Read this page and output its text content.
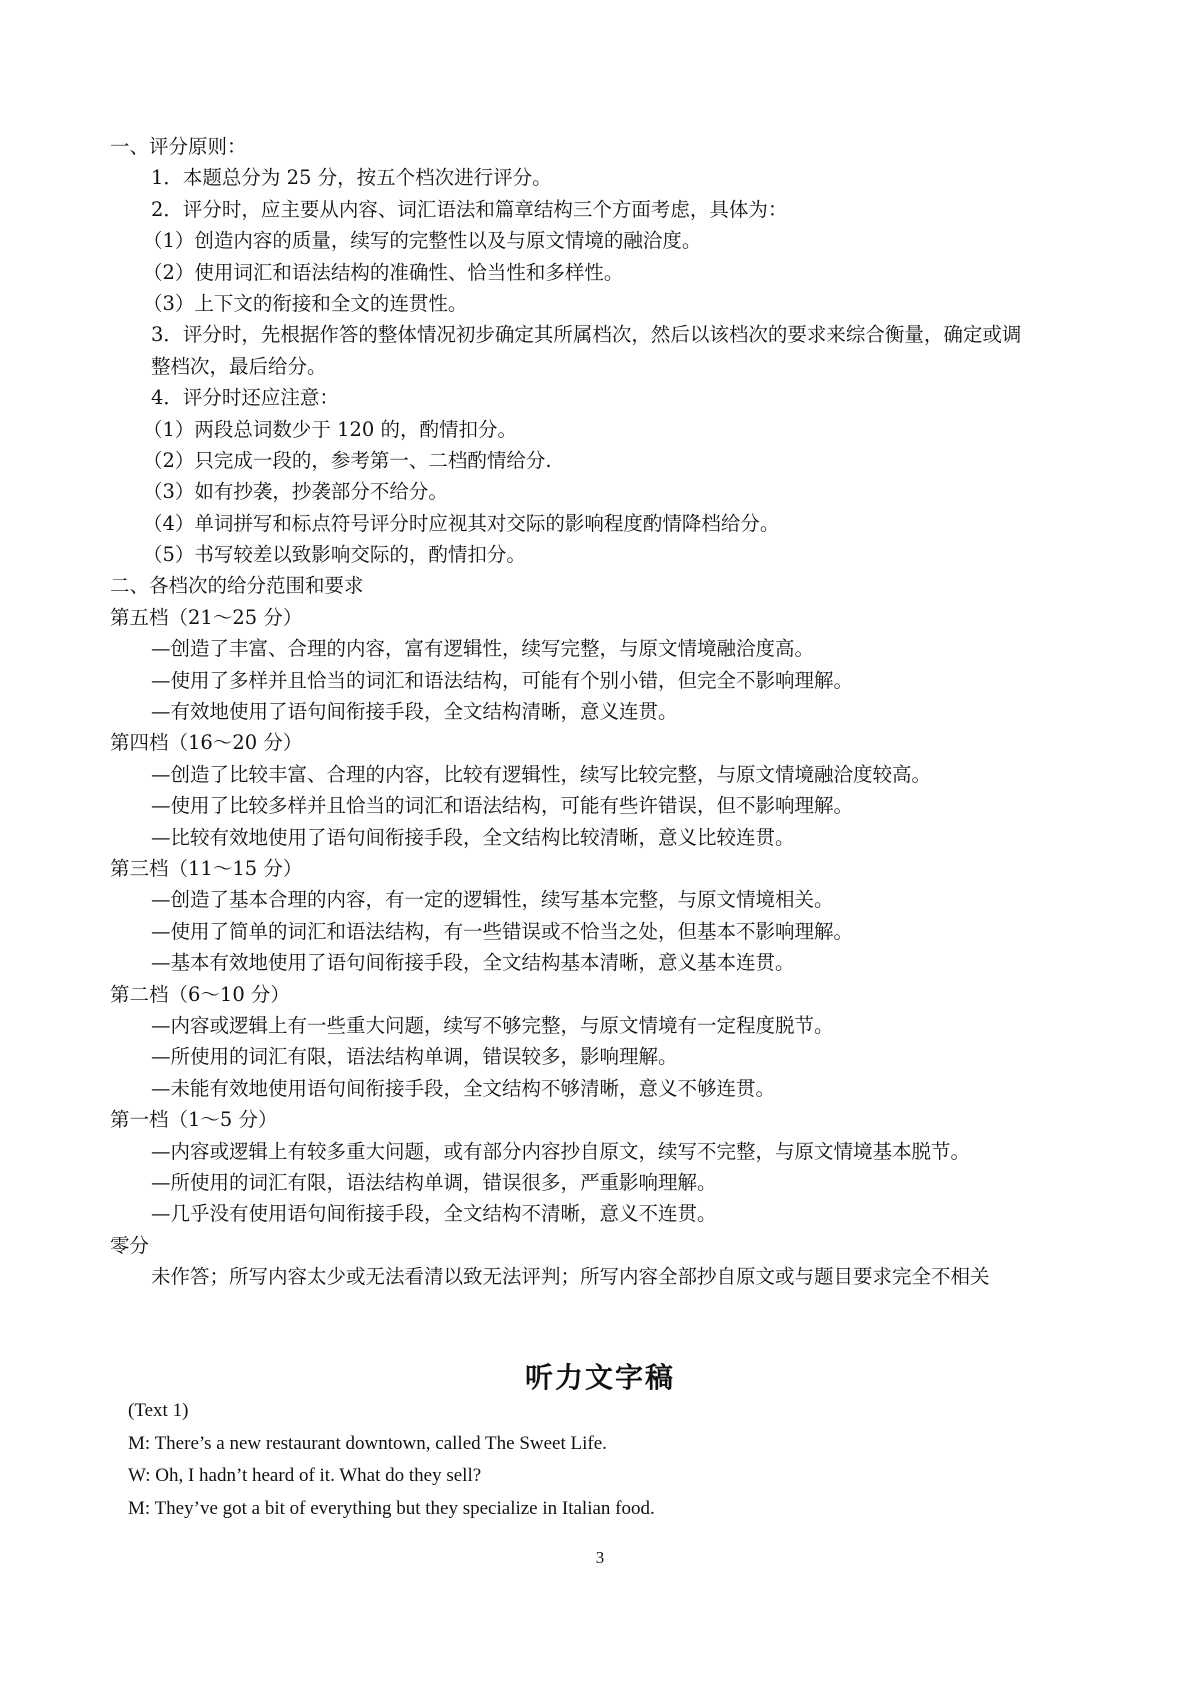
一、评分原则：

1．本题总分为 25 分，按五个档次进行评分。

2．评分时，应主要从内容、词汇语法和篇章结构三个方面考虑，具体为：

（1）创造内容的质量，续写的完整性以及与原文情境的融洽度。

（2）使用词汇和语法结构的准确性、恰当性和多样性。

（3）上下文的衔接和全文的连贯性。

3．评分时，先根据作答的整体情况初步确定其所属档次，然后以该档次的要求来综合衡量，确定或调

整档次，最后给分。

4．评分时还应注意：

（1）两段总词数少于 120 的，酌情扣分。

（2）只完成一段的，参考第一、二档酌情给分.

（3）如有抄袭，抄袭部分不给分。

（4）单词拼写和标点符号评分时应视其对交际的影响程度酌情降档给分。

（5）书写较差以致影响交际的，酌情扣分。

二、各档次的给分范围和要求

第五档（21～25 分）

—创造了丰富、合理的内容，富有逻辑性，续写完整，与原文情境融洽度高。

—使用了多样并且恰当的词汇和语法结构，可能有个别小错，但完全不影响理解。

—有效地使用了语句间衔接手段，全文结构清晰，意义连贯。

第四档（16～20 分）

—创造了比较丰富、合理的内容，比较有逻辑性，续写比较完整，与原文情境融洽度较高。

—使用了比较多样并且恰当的词汇和语法结构，可能有些许错误，但不影响理解。

—比较有效地使用了语句间衔接手段，全文结构比较清晰，意义比较连贯。

第三档（11～15 分）

—创造了基本合理的内容，有一定的逻辑性，续写基本完整，与原文情境相关。

—使用了简单的词汇和语法结构，有一些错误或不恰当之处，但基本不影响理解。

—基本有效地使用了语句间衔接手段，全文结构基本清晰，意义基本连贯。

第二档（6～10 分）

—内容或逻辑上有一些重大问题，续写不够完整，与原文情境有一定程度脱节。

—所使用的词汇有限，语法结构单调，错误较多，影响理解。

—未能有效地使用语句间衔接手段，全文结构不够清晰，意义不够连贯。

第一档（1～5 分）

—内容或逻辑上有较多重大问题，或有部分内容抄自原文，续写不完整，与原文情境基本脱节。

—所使用的词汇有限，语法结构单调，错误很多，严重影响理解。

—几乎没有使用语句间衔接手段，全文结构不清晰，意义不连贯。

零分

未作答；所写内容太少或无法看清以致无法评判；所写内容全部抄自原文或与题目要求完全不相关

听力文字稿
(Text 1)
M: There’s a new restaurant downtown, called The Sweet Life.
W: Oh, I hadn’t heard of it. What do they sell?
M: They’ve got a bit of everything but they specialize in Italian food.
3
